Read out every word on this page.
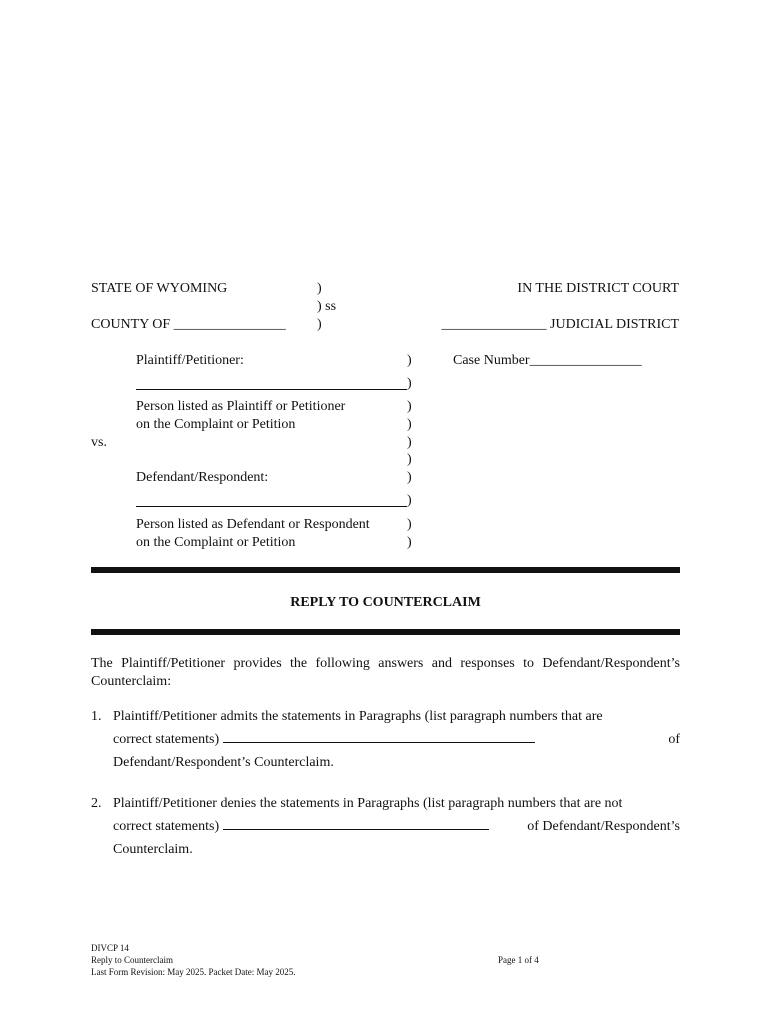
STATE OF WYOMING	)
) ss
COUNTY OF ________________ )
IN THE DISTRICT COURT
_______________ JUDICIAL DISTRICT
Plaintiff/Petitioner:	Case Number________________
Person listed as Plaintiff or Petitioner
on the Complaint or Petition
vs.
Defendant/Respondent:
Person listed as Defendant or Respondent
on the Complaint or Petition
)
)
)
)
)
)
)
)
)
)
REPLY TO COUNTERCLAIM
The Plaintiff/Petitioner provides the following answers and responses to Defendant/Respondent’s Counterclaim:
1. Plaintiff/Petitioner admits the statements in Paragraphs (list paragraph numbers that are
correct statements)	of
Defendant/Respondent’s Counterclaim.
2. Plaintiff/Petitioner denies the statements in Paragraphs (list paragraph numbers that are not
correct statements)	of Defendant/Respondent’s
Counterclaim.
DIVCP 14
Reply to Counterclaim
Last Form Revision: May 2025. Packet Date: May 2025.
Page 1 of 4
